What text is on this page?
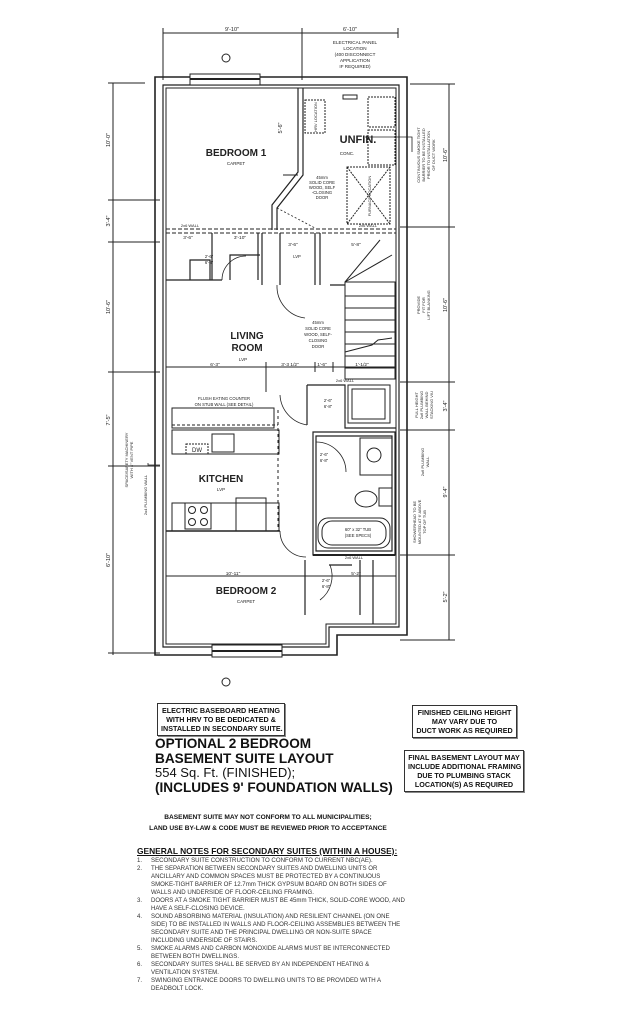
9'-10"	6'-10"
ELECTRICAL PANEL
LOCATION
(400 DISCONNECT
APPLICATION
IF REQUIRED)
10'-0"
3'-4"
10'-6"
7'-5"
6'-10"
10'-6"
10'-6"
3'-4"
9'-4"
5'-2"
CONTINUOUS SMOKE TIGHT BARRIER TO BE INSTALLED PRIOR TO INSTALLATION OF DUCT WORK
PROVIDE FIT FOR LIFT BLANKING
FULL HEIGHT 2x6 PLUMBING WALL BEHIND STACKING VIU
2x6 PLUMBING WALL
SHOWERHEAD TO BE MOUNTED AT 6' ABOVE TOP OF TUB
SPACE/SAFETY MACHINERY WITH 4" VENT PIPE
2x4 PLUMBING WALL
UNFIN.
CONC.
HRV LOCATION
FURNACE LOCATION
BEDROOM 1
CARPET
5'-6"
45mm
SOLID CORE
WOOD, SELF
-CLOSING
DOOR
3'-6"	3'-10"
3'-6"	5'-8"
2x6 WALL	2x6 WALL
2'-6"
6'-8"
LVP
LIVING
ROOM
LVP
45mm
SOLID CORE
WOOD, SELF-
CLOSING
DOOR
6'-3"	3'-3 1/2"	1'-6"	1'-1/2"
FLUSH EATING COUNTER
ON STUB WALL (SEE DETAIL)
DW
KITCHEN
LVP
2'-6"
6'-8"
2'-6"
6'-8"
60" x 32" TUB
(SEE SPECS)
2x6 WALL
2x6 WALL
10'-11"	5'-2"
2'-6"
6'-8"
BEDROOM 2
CARPET
ELECTRIC BASEBOARD HEATING
WITH HRV TO BE DEDICATED &
INSTALLED IN SECONDARY SUITE.
FINISHED CEILING HEIGHT
MAY VARY DUE TO
DUCT WORK AS REQUIRED
FINAL BASEMENT LAYOUT MAY
INCLUDE ADDITIONAL FRAMING
DUE TO PLUMBING STACK
LOCATION(S) AS REQUIRED
OPTIONAL 2 BEDROOM
BASEMENT SUITE LAYOUT
554 Sq. Ft. (FINISHED);
(INCLUDES 9' FOUNDATION WALLS)
BASEMENT SUITE MAY NOT CONFORM TO ALL MUNICIPALITIES;
LAND USE BY-LAW & CODE MUST BE REVIEWED PRIOR TO ACCEPTANCE
GENERAL NOTES FOR SECONDARY SUITES (WITHIN A HOUSE):
1.	SECONDARY SUITE CONSTRUCTION TO CONFORM TO CURRENT NBC(AE).
2.	THE SEPARATION BETWEEN SECONDARY SUITES AND DWELLING UNITS OR ANCILLARY AND COMMON SPACES MUST BE PROTECTED BY A CONTINUOUS SMOKE-TIGHT BARRIER OF 12.7mm THICK GYPSUM BOARD ON BOTH SIDES OF WALLS AND UNDERSIDE OF FLOOR-CEILING FRAMING.
3.	DOORS AT A SMOKE TIGHT BARRIER MUST BE 45mm THICK, SOLID-CORE WOOD, AND HAVE A SELF-CLOSING DEVICE.
4.	SOUND ABSORBING MATERIAL (INSULATION) AND RESILIENT CHANNEL (ON ONE SIDE) TO BE INSTALLED IN WALLS AND FLOOR-CEILING ASSEMBLIES BETWEEN THE SECONDARY SUITE AND THE PRINCIPAL DWELLING OR NON-SUITE SPACE INCLUDING UNDERSIDE OF STAIRS.
5.	SMOKE ALARMS AND CARBON MONOXIDE ALARMS MUST BE INTERCONNECTED BETWEEN BOTH DWELLINGS.
6.	SECONDARY SUITES SHALL BE SERVED BY AN INDEPENDENT HEATING & VENTILATION SYSTEM.
7.	SWINGING ENTRANCE DOORS TO DWELLING UNITS TO BE PROVIDED WITH A DEADBOLT LOCK.
